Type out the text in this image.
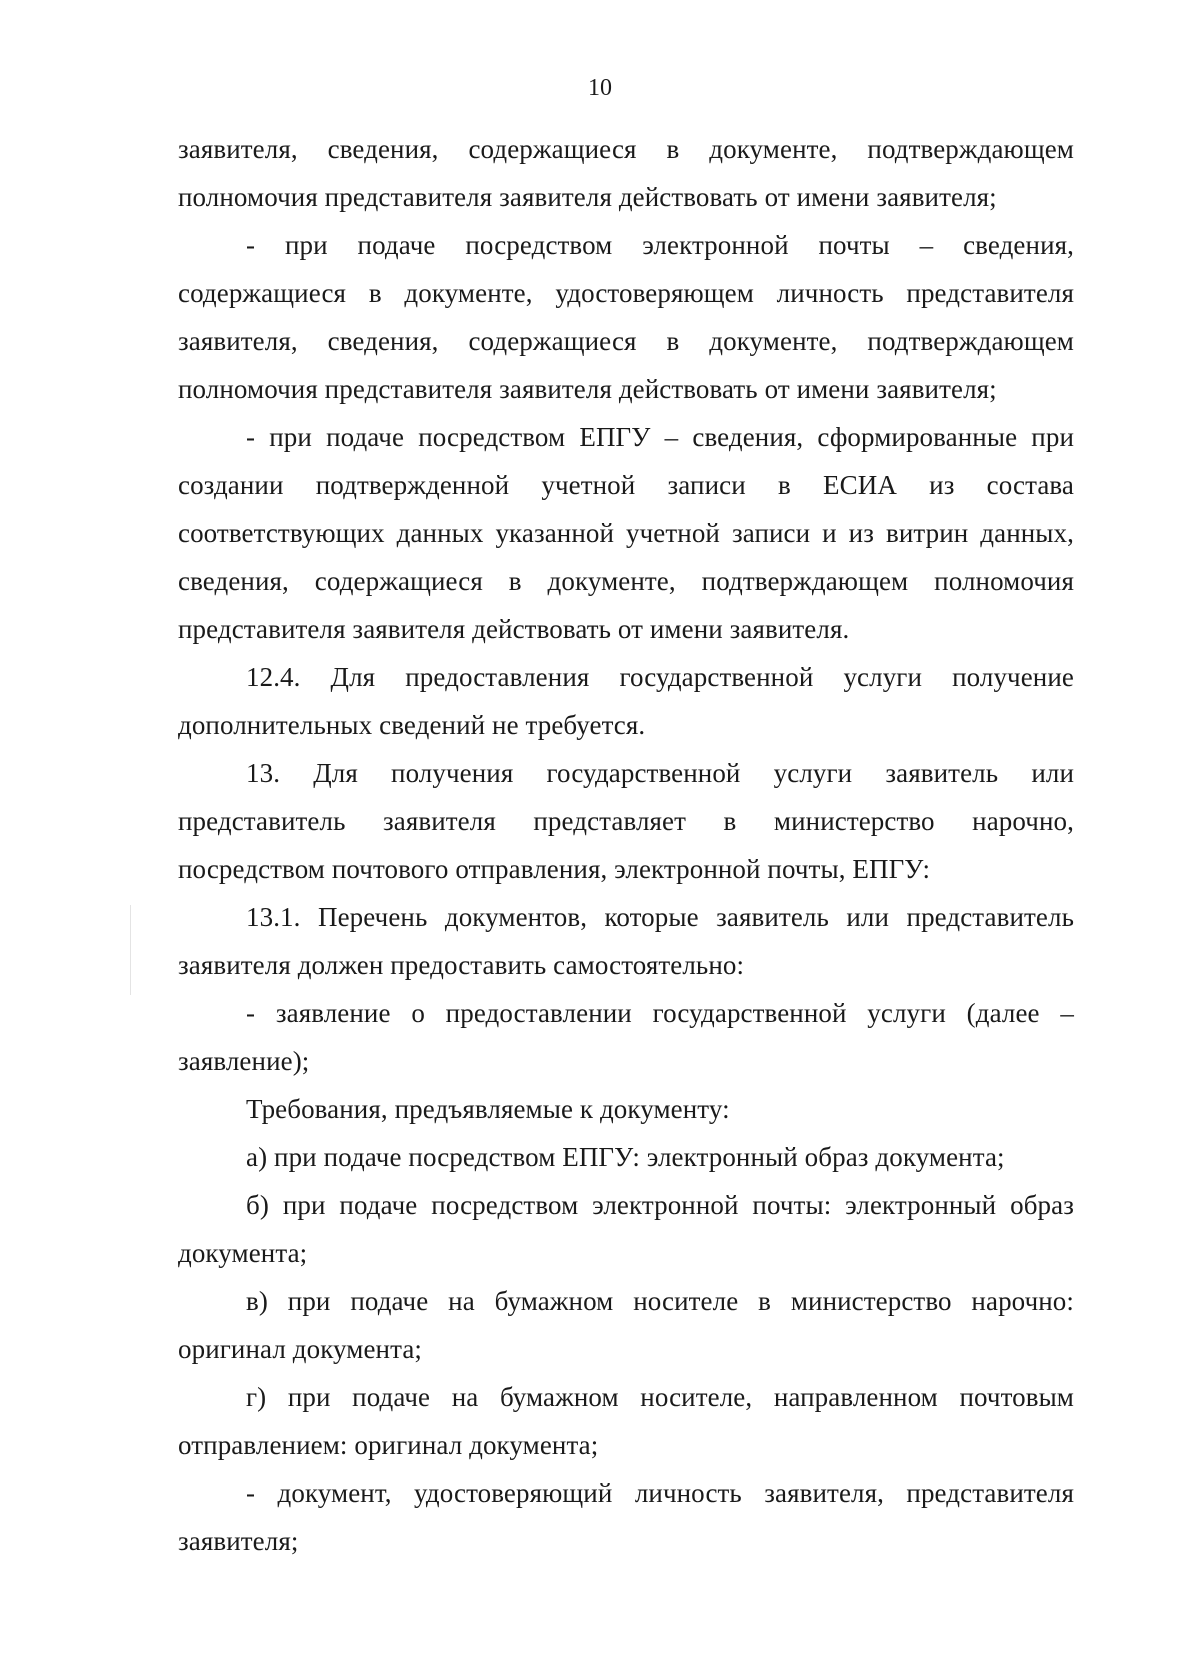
10

заявителя, сведения, содержащиеся в документе, подтверждающем полномочия представителя заявителя действовать от имени заявителя;

- при подаче посредством электронной почты – сведения, содержащиеся в документе, удостоверяющем личность представителя заявителя, сведения, содержащиеся в документе, подтверждающем полномочия представителя заявителя действовать от имени заявителя;

- при подаче посредством ЕПГУ – сведения, сформированные при создании подтвержденной учетной записи в ЕСИА из состава соответствующих данных указанной учетной записи и из витрин данных, сведения, содержащиеся в документе, подтверждающем полномочия представителя заявителя действовать от имени заявителя.

12.4. Для предоставления государственной услуги получение дополнительных сведений не требуется.

13. Для получения государственной услуги заявитель или представитель заявителя представляет в министерство нарочно, посредством почтового отправления, электронной почты, ЕПГУ:

13.1. Перечень документов, которые заявитель или представитель заявителя должен предоставить самостоятельно:

- заявление о предоставлении государственной услуги (далее – заявление);

Требования, предъявляемые к документу:

а) при подаче посредством ЕПГУ: электронный образ документа;

б) при подаче посредством электронной почты: электронный образ документа;

в) при подаче на бумажном носителе в министерство нарочно: оригинал документа;

г) при подаче на бумажном носителе, направленном почтовым отправлением: оригинал документа;

- документ, удостоверяющий личность заявителя, представителя заявителя;
